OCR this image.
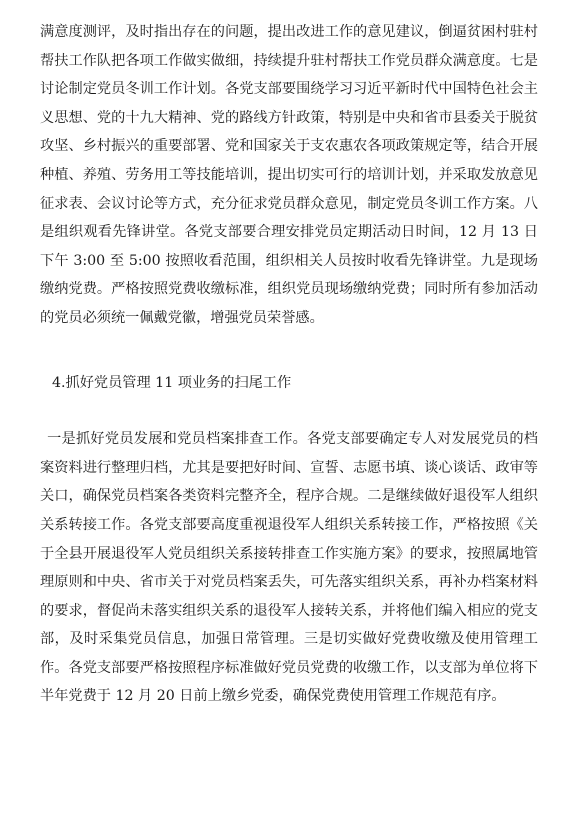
满意度测评，及时指出存在的问题，提出改进工作的意见建议，倒逼贫困村驻村帮扶工作队把各项工作做实做细，持续提升驻村帮扶工作党员群众满意度。七是讨论制定党员冬训工作计划。各党支部要围绕学习习近平新时代中国特色社会主义思想、党的十九大精神、党的路线方针政策，特别是中央和省市县委关于脱贫攻坚、乡村振兴的重要部署、党和国家关于支农惠农各项政策规定等，结合开展种植、养殖、劳务用工等技能培训，提出切实可行的培训计划，并采取发放意见征求表、会议讨论等方式，充分征求党员群众意见，制定党员冬训工作方案。八是组织观看先锋讲堂。各党支部要合理安排党员定期活动日时间，12 月 13 日下午 3:00 至 5:00 按照收看范围，组织相关人员按时收看先锋讲堂。九是现场缴纳党费。严格按照党费收缴标准，组织党员现场缴纳党费；同时所有参加活动的党员必须统一佩戴党徽，增强党员荣誉感。

4.抓好党员管理 11 项业务的扫尾工作

一是抓好党员发展和党员档案排查工作。各党支部要确定专人对发展党员的档案资料进行整理归档，尤其是要把好时间、宣誓、志愿书填、谈心谈话、政审等关口，确保党员档案各类资料完整齐全，程序合规。二是继续做好退役军人组织关系转接工作。各党支部要高度重视退役军人组织关系转接工作，严格按照《关于全县开展退役军人党员组织关系接转排查工作实施方案》的要求，按照属地管理原则和中央、省市关于对党员档案丢失，可先落实组织关系，再补办档案材料的要求，督促尚未落实组织关系的退役军人接转关系，并将他们编入相应的党支部，及时采集党员信息，加强日常管理。三是切实做好党费收缴及使用管理工作。各党支部要严格按照程序标准做好党员党费的收缴工作，以支部为单位将下半年党费于 12 月 20 日前上缴乡党委，确保党费使用管理工作规范有序。
